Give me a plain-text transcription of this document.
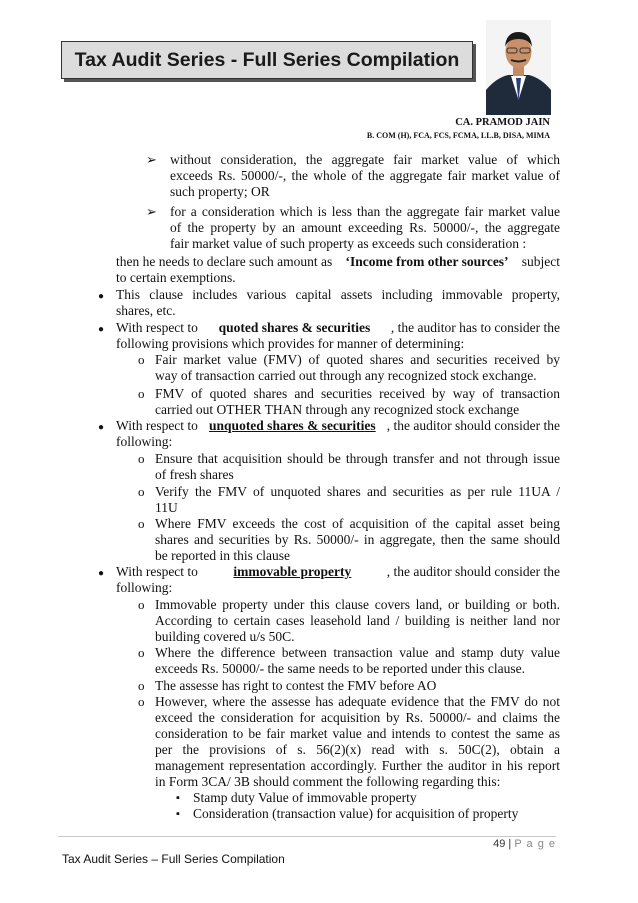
Tax Audit Series - Full Series Compilation
CA. PRAMOD JAIN
B. COM (H), FCA, FCS, FCMA, LL.B, DISA, MIMA
➢ without consideration, the aggregate fair market value of which
exceeds Rs. 50000/-, the whole of the aggregate fair market value of
such property; OR
➢ for a consideration which is less than the aggregate fair market value
of the property by an amount exceeding Rs. 50000/-, the aggregate
fair market value of such property as exceeds such consideration :
then he needs to declare such amount as ‘Income from other sources’ subject
to certain exemptions.
● This clause includes various capital assets including immovable property,
shares, etc.
● With respect to quoted shares & securities , the auditor has to consider the
following provisions which provides for manner of determining:
o Fair market value (FMV) of quoted shares and securities received by
way of transaction carried out through any recognized stock exchange.
o FMV of quoted shares and securities received by way of transaction
carried out OTHER THAN through any recognized stock exchange
● With respect to unquoted shares & securities , the auditor should consider the
following:
o Ensure that acquisition should be through transfer and not through issue
of fresh shares
o Verify the FMV of unquoted shares and securities as per rule 11UA /
11U
o Where FMV exceeds the cost of acquisition of the capital asset being
shares and securities by Rs. 50000/- in aggregate, then the same should
be reported in this clause
● With respect to	immovable property	, the auditor should consider the
following:
o Immovable property under this clause covers land, or building or both.
According to certain cases leasehold land / building is neither land nor
building covered u/s 50C.
o Where the difference between transaction value and stamp duty value
exceeds Rs. 50000/- the same needs to be reported under this clause.
o The assesse has right to contest the FMV before AO
o However, where the assesse has adequate evidence that the FMV do not
exceed the consideration for acquisition by Rs. 50000/- and claims the
consideration to be fair market value and intends to contest the same as
per the provisions of s. 56(2)(x) read with s. 50C(2), obtain a
management representation accordingly. Further the auditor in his report
in Form 3CA/ 3B should comment the following regarding this:
▪ Stamp duty Value of immovable property
▪ Consideration (transaction value) for acquisition of property
49 | P a g e
Tax Audit Series – Full Series Compilation
